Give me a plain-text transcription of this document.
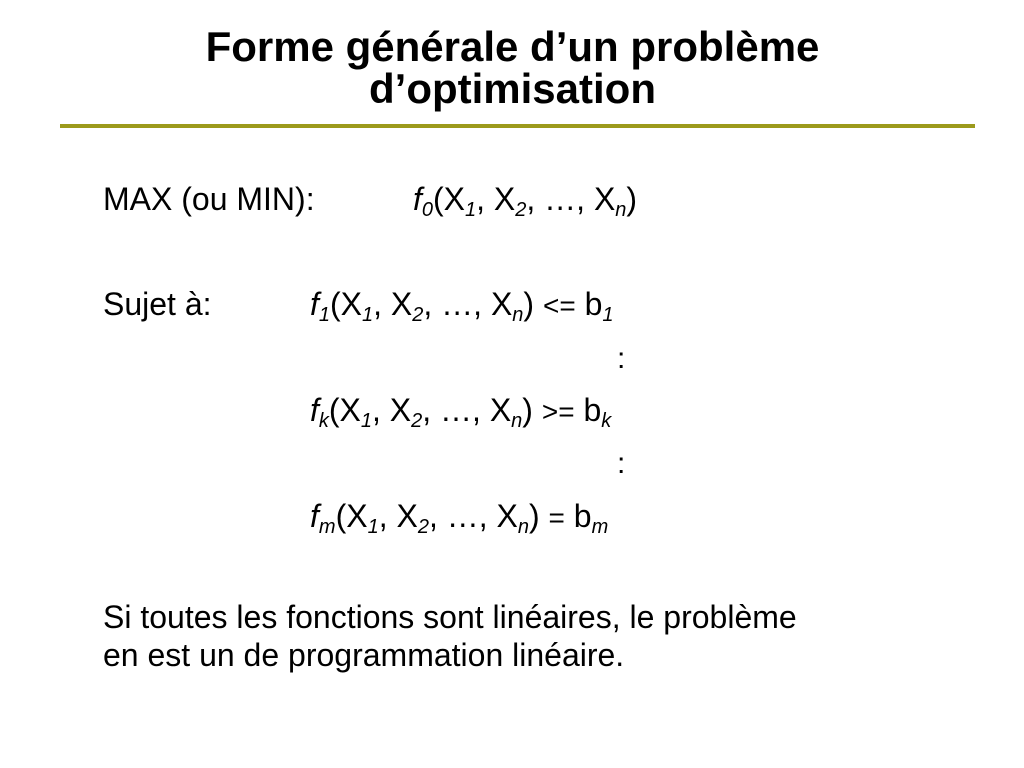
Forme générale d’un problème
d’optimisation
MAX (ou MIN):	$f_0(X_1$, $X_2$, …, $X_n$)
Sujet à:	$f_1(X_1$, $X_2$, …, $X_n) <= b_1$
:
$f_k(X_1$, $X_2$, …, $X_n) >= b_k$
:
$f_m(X_1$, $X_2$, …, $X_n) = b_m$
Si toutes les fonctions sont linéaires, le problème
en est un de programmation linéaire.
